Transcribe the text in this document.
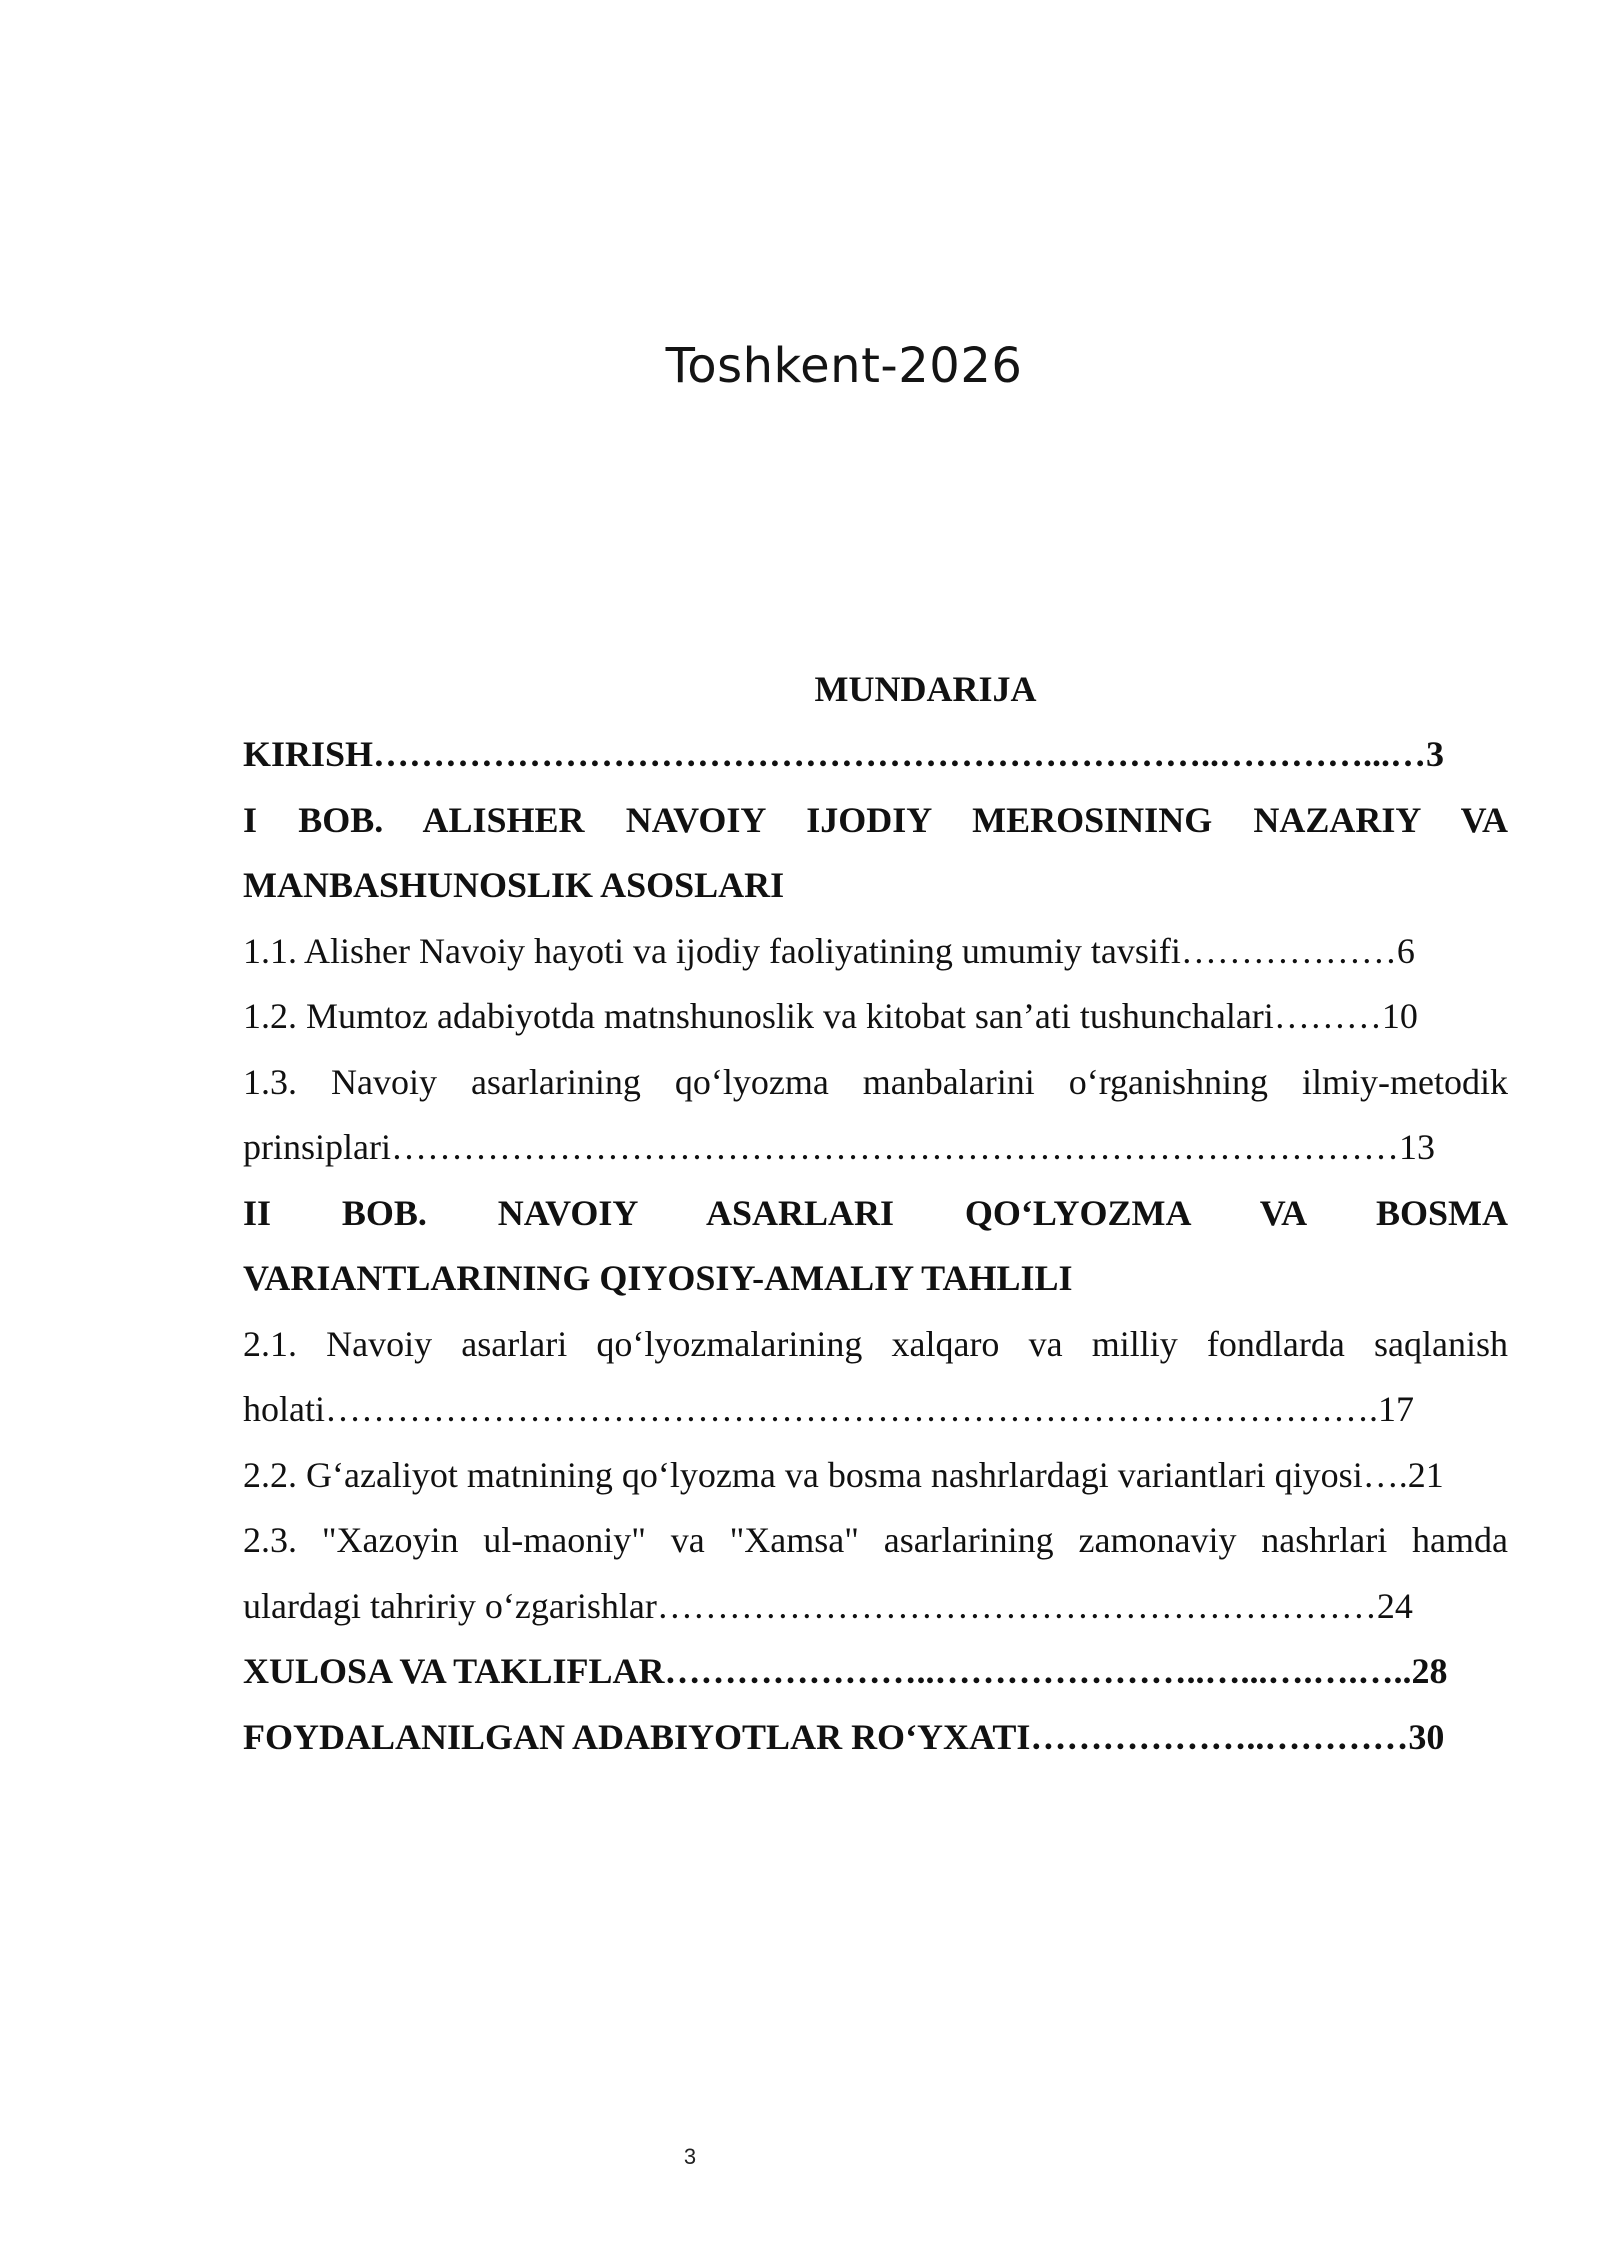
Toshkent-2026
MUNDARIJA
KIRISH ……………………………………………………………..…………...… 3
I BOB. ALISHER NAVOIY IJODIY MEROSINING NAZARIY VA
MANBASHUNOSLIK ASOSLARI
1.1. Alisher Navoiy hayoti va ijodiy faoliyatining umumiy tavsifi ……………… 6
1.2. Mumtoz adabiyotda matnshunoslik va kitobat san’ati tushunchalari ……… 10
1.3. Navoiy asarlarining qo‘lyozma manbalarini o‘rganishning ilmiy-metodik
prinsiplari ………………………………………………………………………… 13
II BOB. NAVOIY ASARLARI QO‘LYOZMA VA BOSMA
VARIANTLARINING QIYOSIY-AMALIY TAHLILI
2.1. Navoiy asarlari qo‘lyozmalarining xalqaro va milliy fondlarda saqlanish
holati ……………………………………………………………………………. 17
2.2. G‘azaliyot matnining qo‘lyozma va bosma nashrlardagi variantlari qiyosi …. 21
2.3. "Xazoyin ul-maoniy" va "Xamsa" asarlarining zamonaviy nashrlari hamda
ulardagi tahririy o‘zgarishlar …………………………………………………… 24
XULOSA VA TAKLIFLAR …………………..…………………..…...….….….. 28
FOYDALANILGAN ADABIYOTLAR RO‘YXATI ………………..………… 30
3
